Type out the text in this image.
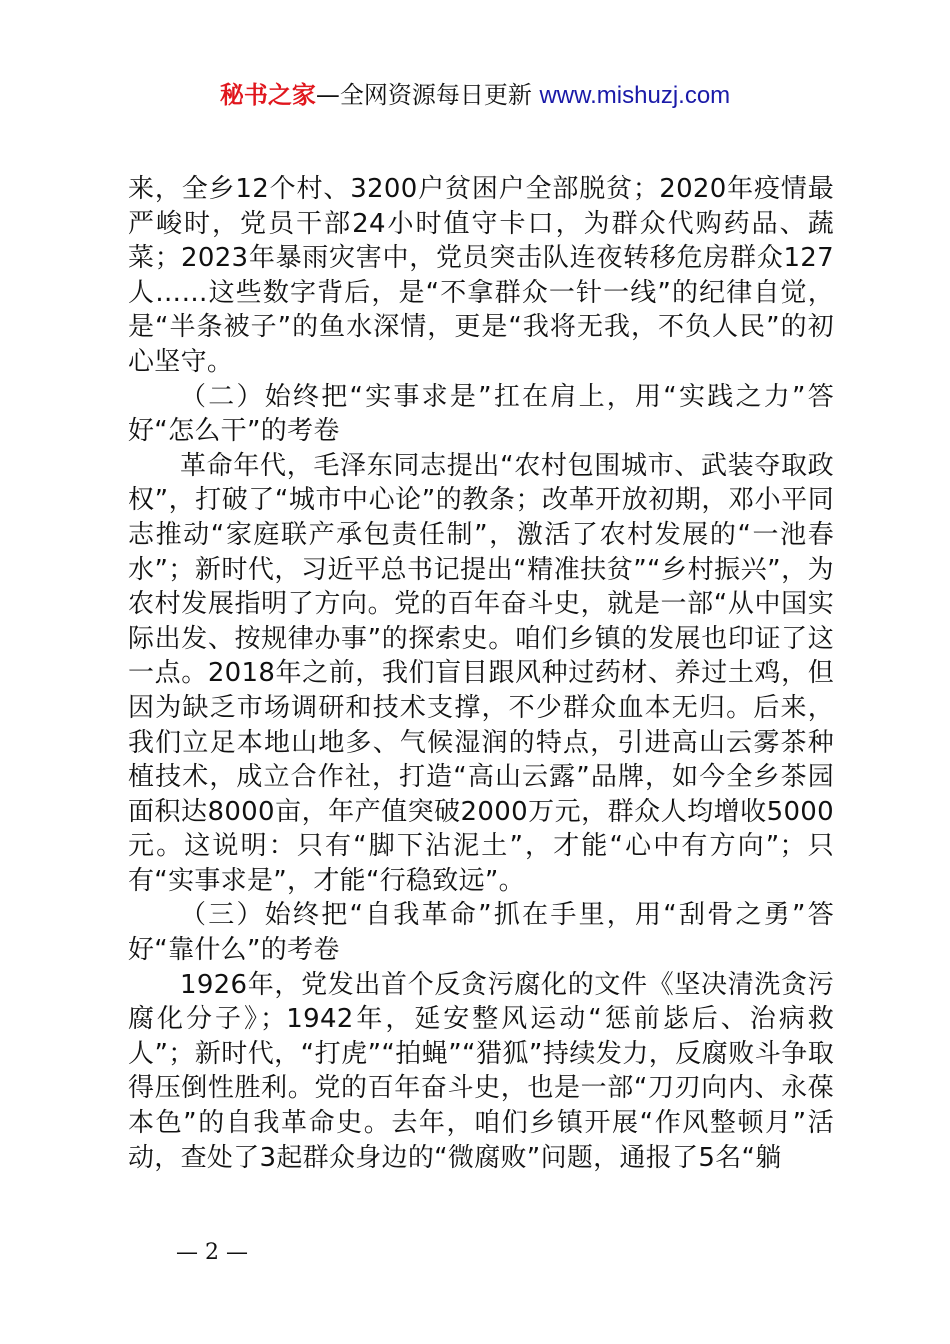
秘书之家—全网资源每日更新 www.mishuzj.com

来，全乡12个村、3200户贫困户全部脱贫；2020年疫情最严峻时，党员干部24小时值守卡口，为群众代购药品、蔬菜；2023年暴雨灾害中，党员突击队连夜转移危房群众127人……这些数字背后，是“不拿群众一针一线”的纪律自觉，是“半条被子”的鱼水深情，更是“我将无我，不负人民”的初心坚守。

（二）始终把“实事求是”扛在肩上，用“实践之力”答好“怎么干”的考卷

革命年代，毛泽东同志提出“农村包围城市、武装夺取政权”，打破了“城市中心论”的教条；改革开放初期，邓小平同志推动“家庭联产承包责任制”，激活了农村发展的“一池春水”；新时代，习近平总书记提出“精准扶贫”“乡村振兴”，为农村发展指明了方向。党的百年奋斗史，就是一部“从中国实际出发、按规律办事”的探索史。咱们乡镇的发展也印证了这一点。2018年之前，我们盲目跟风种过药材、养过土鸡，但因为缺乏市场调研和技术支撑，不少群众血本无归。后来，我们立足本地山地多、气候湿润的特点，引进高山云雾茶种植技术，成立合作社，打造“高山云露”品牌，如今全乡茶园面积达8000亩，年产值突破2000万元，群众人均增收5000元。这说明：只有“脚下沾泥土”，才能“心中有方向”；只有“实事求是”，才能“行稳致远”。

（三）始终把“自我革命”抓在手里，用“刮骨之勇”答好“靠什么”的考卷

1926年，党发出首个反贪污腐化的文件《坚决清洗贪污腐化分子》；1942年，延安整风运动“惩前毖后、治病救人”；新时代，“打虎”“拍蝇”“猎狐”持续发力，反腐败斗争取得压倒性胜利。党的百年奋斗史，也是一部“刀刃向内、永葆本色”的自我革命史。去年，咱们乡镇开展“作风整顿月”活动，查处了3起群众身边的“微腐败”问题，通报了5名“躺

— 2 —
